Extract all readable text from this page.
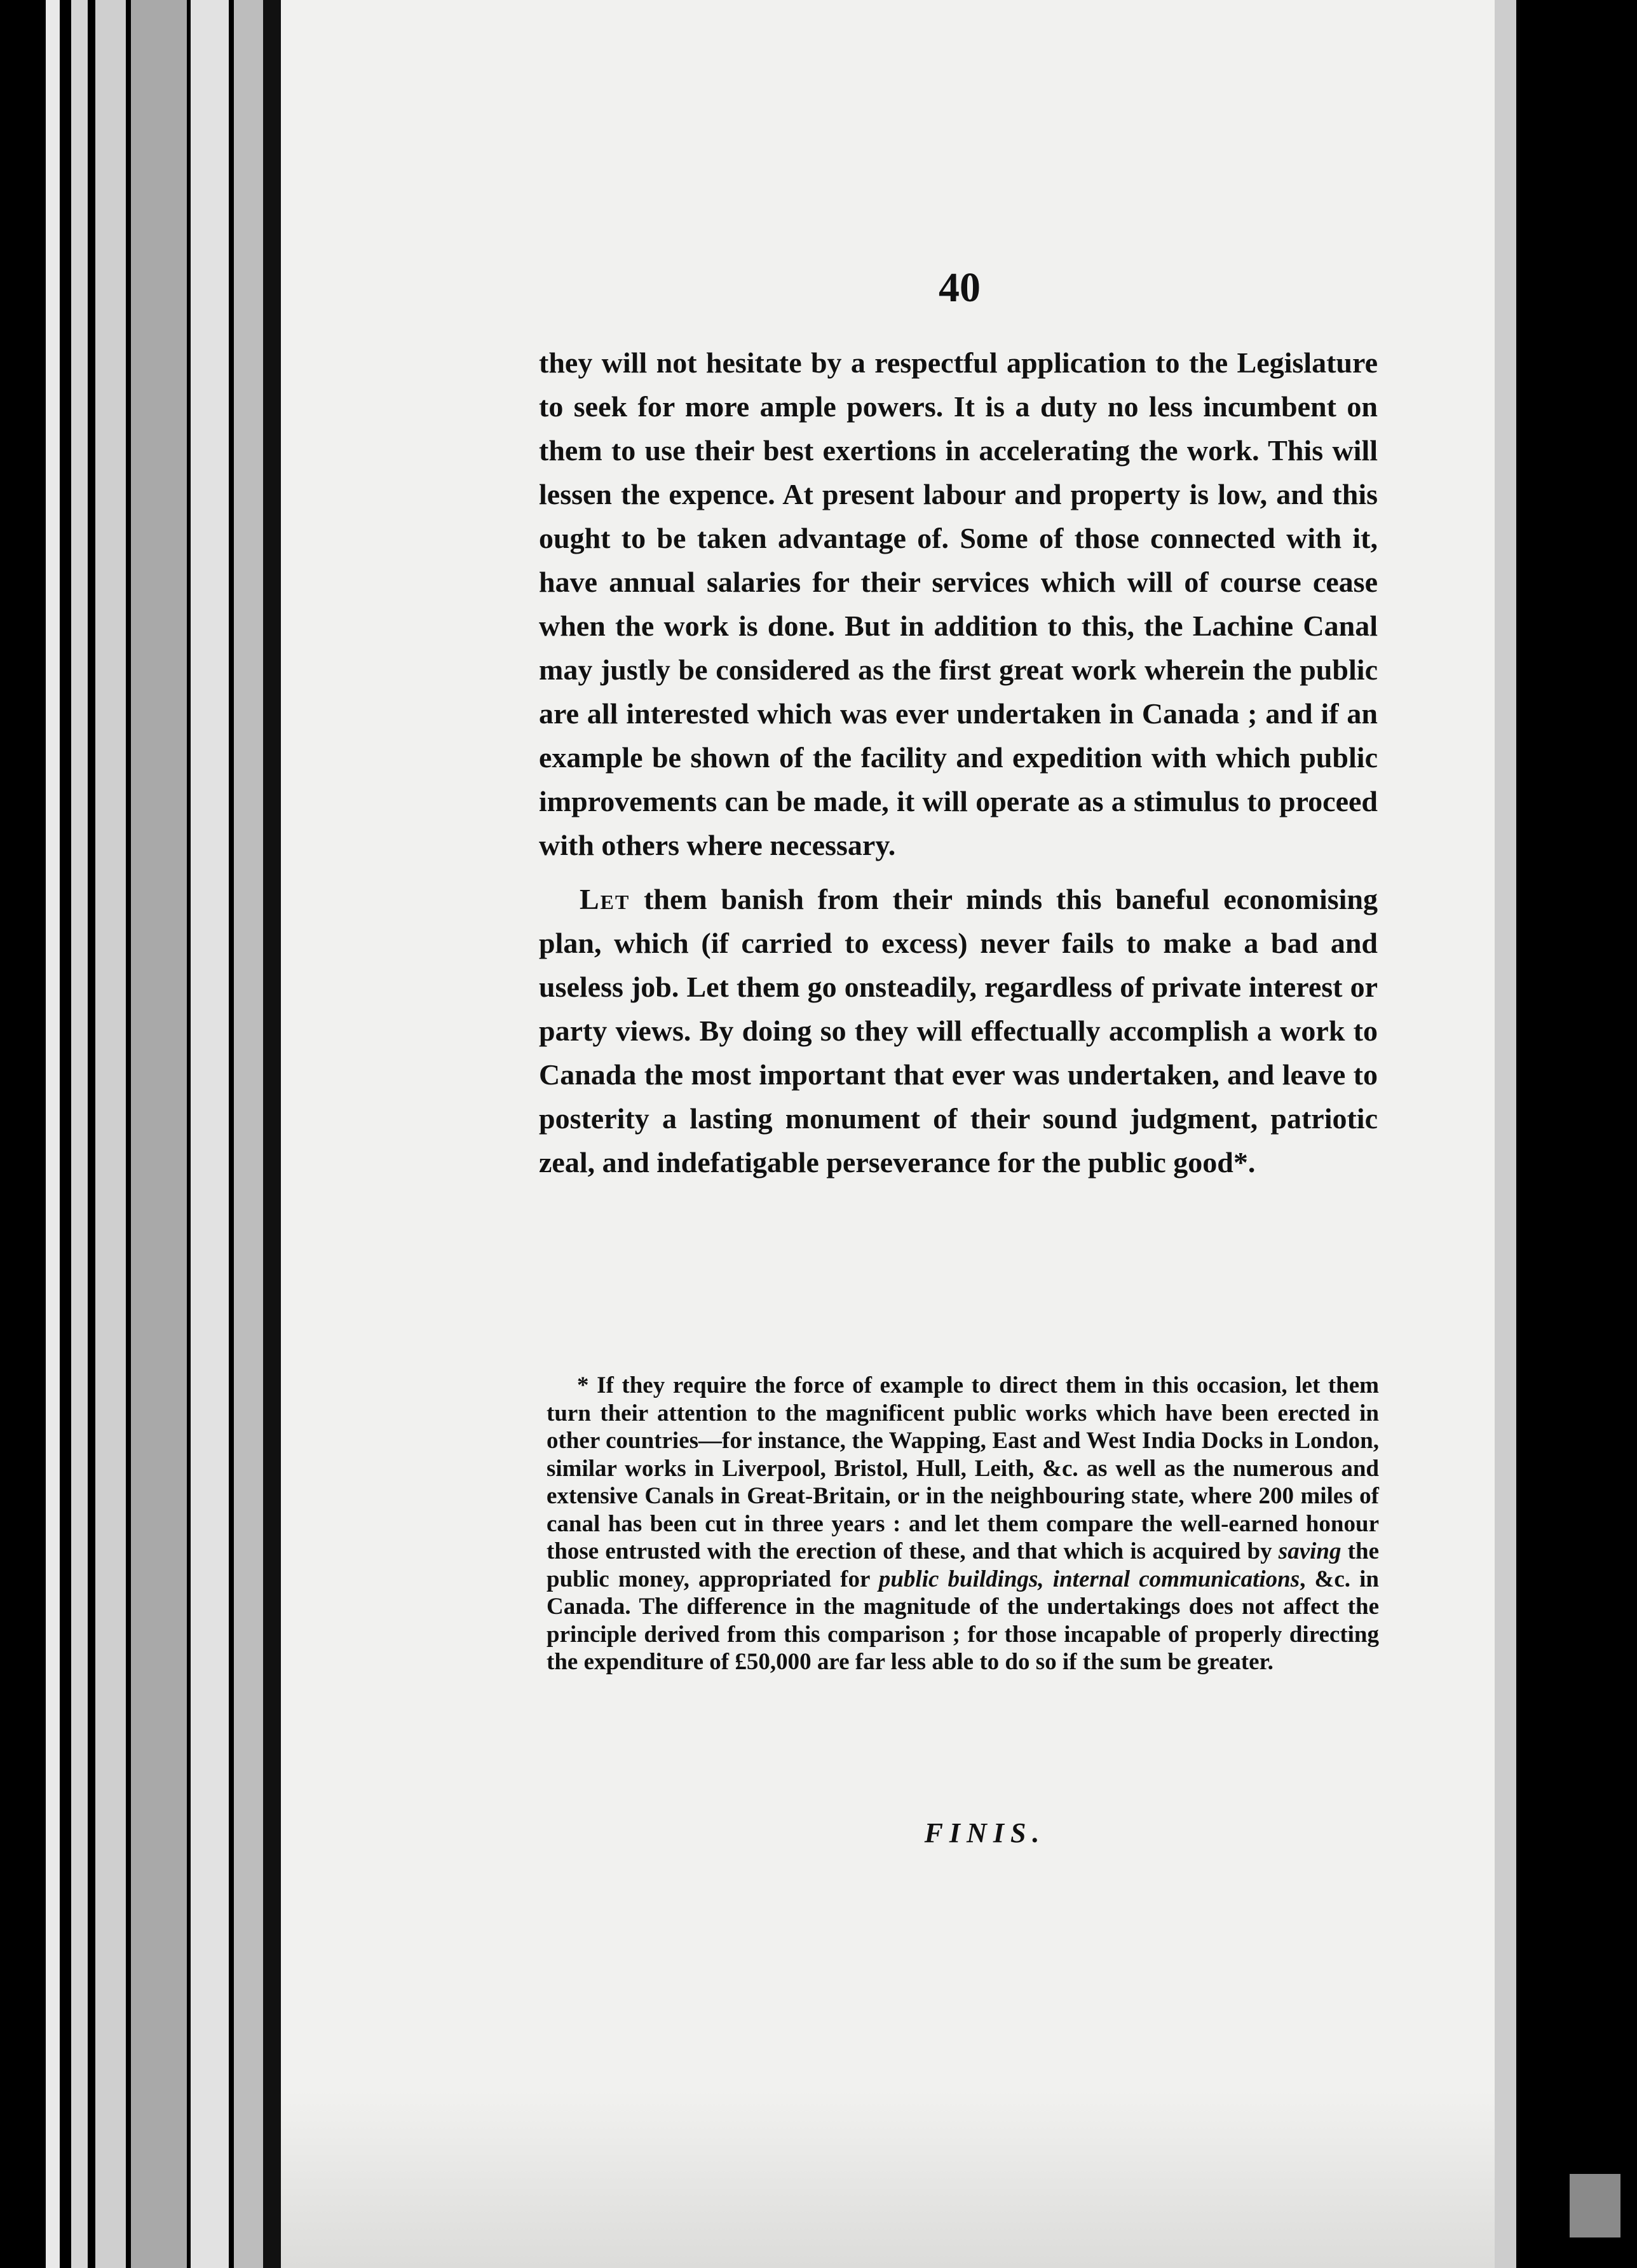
40

they will not hesitate by a respectful application to the Legislature to seek for more ample powers. It is a duty no less incumbent on them to use their best exertions in accelerating the work. This will lessen the expence. At present labour and property is low, and this ought to be taken advantage of. Some of those connected with it, have annual salaries for their services which will of course cease when the work is done. But in addition to this, the Lachine Canal may justly be considered as the first great work wherein the public are all interested which was ever undertaken in Canada ; and if an example be shown of the facility and expedition with which public improvements can be made, it will operate as a stimulus to proceed with others where necessary.

Let them banish from their minds this baneful economising plan, which (if carried to excess) never fails to make a bad and useless job. Let them go onsteadily, regardless of private interest or party views. By doing so they will effectually accomplish a work to Canada the most important that ever was undertaken, and leave to posterity a lasting monument of their sound judgment, patriotic zeal, and indefatigable perseverance for the public good*.

* If they require the force of example to direct them in this occasion, let them turn their attention to the magnificent public works which have been erected in other countries—for instance, the Wapping, East and West India Docks in London, similar works in Liverpool, Bristol, Hull, Leith, &c. as well as the numerous and extensive Canals in Great-Britain, or in the neighbouring state, where 200 miles of canal has been cut in three years : and let them compare the well-earned honour those entrusted with the erection of these, and that which is acquired by saving the public money, appropriated for public buildings, internal communications, &c. in Canada. The difference in the magnitude of the undertakings does not affect the principle derived from this comparison ; for those incapable of properly directing the expenditure of £50,000 are far less able to do so if the sum be greater.

FINIS.
